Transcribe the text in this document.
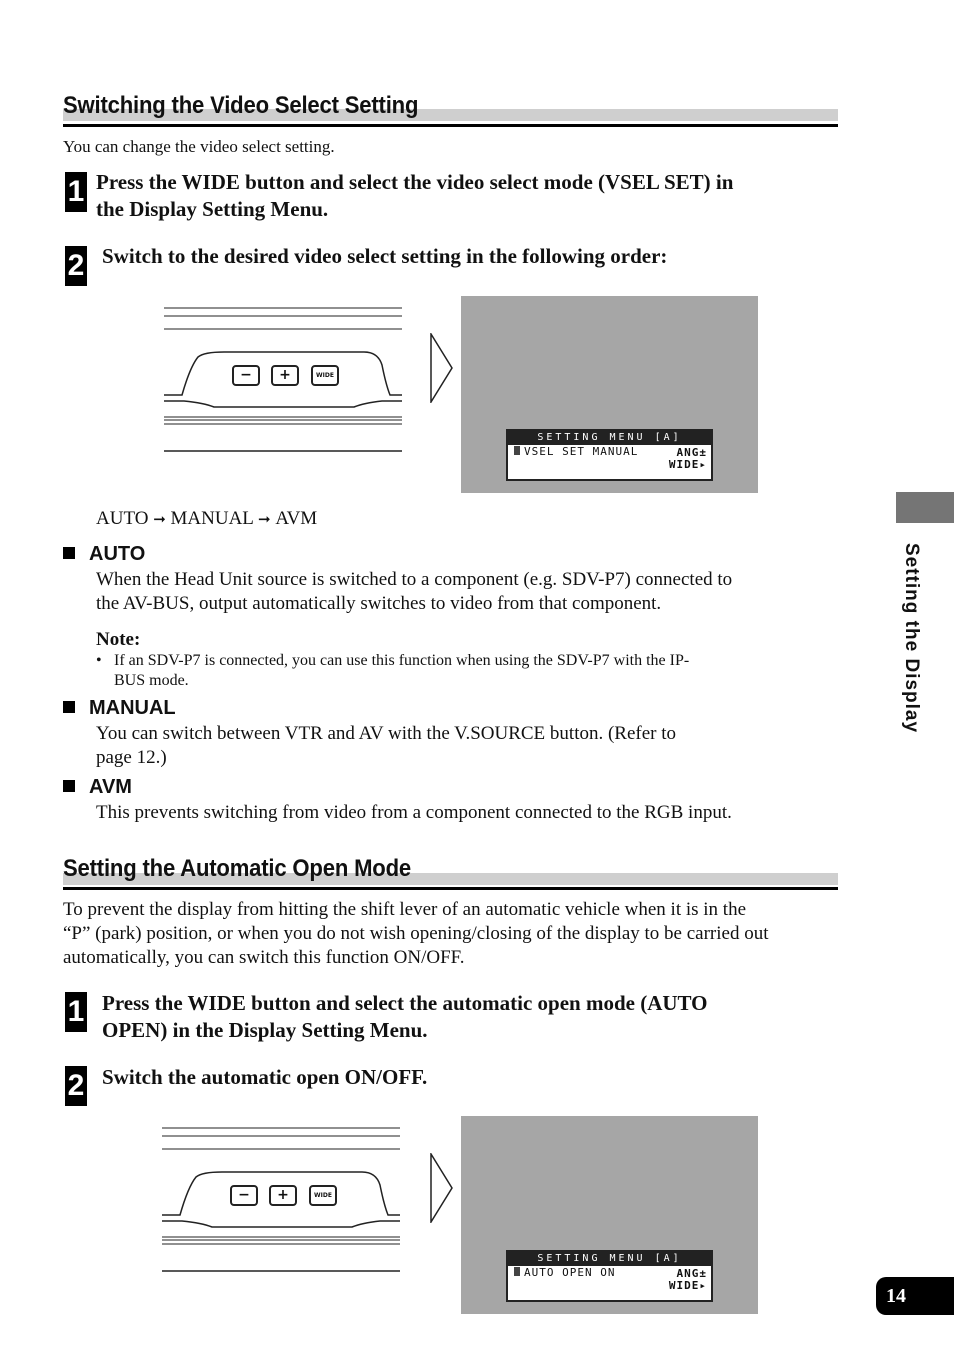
Switching the Video Select Setting
You can change the video select setting.
1 Press the WIDE button and select the video select mode (VSEL SET) in
the Display Setting Menu.
2 Switch to the desired video select setting in the following order:
−	+	WIDE
SETTING MENU [A]
VSEL SET MANUAL	ANG±
WIDE▸
AUTO ➞ MANUAL ➞ AVM
AUTO
When the Head Unit source is switched to a component (e.g. SDV-P7) connected to
the AV-BUS, output automatically switches to video from that component.
Note:
• If an SDV-P7 is connected, you can use this function when using the SDV-P7 with the IP-
BUS mode.
MANUAL
You can switch between VTR and AV with the V.SOURCE button. (Refer to
page 12.)
AVM
This prevents switching from video from a component connected to the RGB input.
Setting the Automatic Open Mode
To prevent the display from hitting the shift lever of an automatic vehicle when it is in the
“P” (park) position, or when you do not wish opening/closing of the display to be carried out
automatically, you can switch this function ON/OFF.
1 Press the WIDE button and select the automatic open mode (AUTO
OPEN) in the Display Setting Menu.
2 Switch the automatic open ON/OFF.
−	+	WIDE
SETTING MENU [A]
AUTO OPEN ON	ANG±
WIDE▸
Setting the Display
14
